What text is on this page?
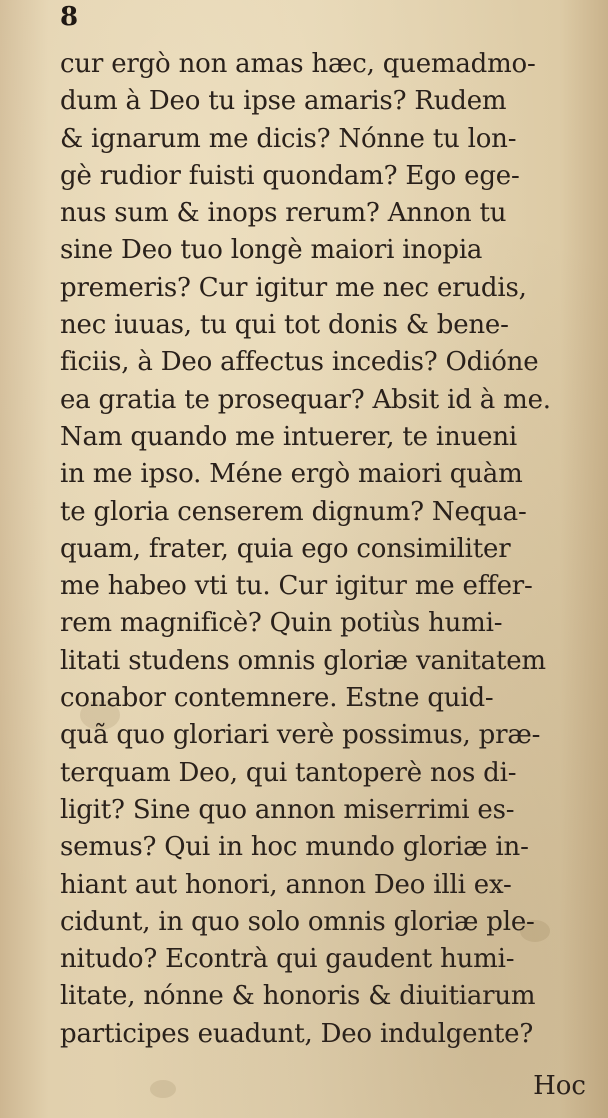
8
cur ergò non amas hæc, quemadmo-
dum à Deo tu ipse amaris? Rudem
& ignarum me dicis? Nónne tu lon-
gè rudior fuisti quondam? Ego ege-
nus sum & inops rerum? Annon tu
sine Deo tuo longè maiori inopia
premeris? Cur igitur me nec erudis,
nec iuuas, tu qui tot donis & bene-
ficiis, à Deo affectus incedis? Odióne
ea gratia te prosequar? Absit id à me.
Nam quando me intuerer, te inueni
in me ipso. Méne ergò maiori quàm
te gloria censerem dignum? Nequa-
quam, frater, quia ego consimiliter
me habeo vti tu. Cur igitur me effer-
rem magnificè? Quin potiùs humi-
litati studens omnis gloriæ vanitatem
conabor contemnere. Estne quid-
quã quo gloriari verè possimus, præ-
terquam Deo, qui tantoperè nos di-
ligit? Sine quo annon miserrimi es-
semus? Qui in hoc mundo gloriæ in-
hiant aut honori, annon Deo illi ex-
cidunt, in quo solo omnis gloriæ ple-
nitudo? Econtrà qui gaudent humi-
litate, nónne & honoris & diuitiarum
participes euadunt, Deo indulgente?
Hoc
